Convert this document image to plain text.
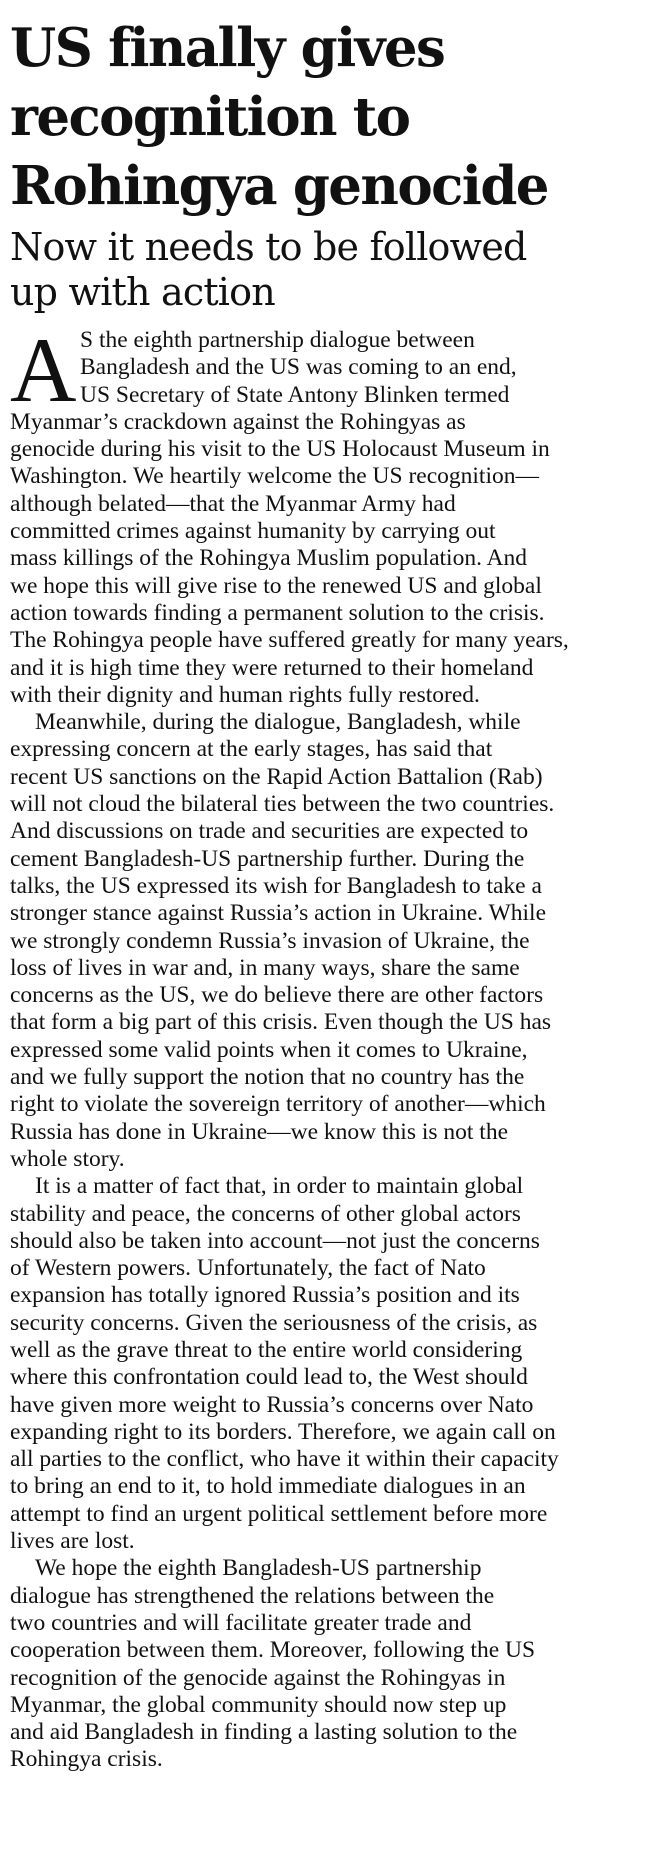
US finally gives
recognition to
Rohingya genocide
Now it needs to be followed
up with action
A S the eighth partnership dialogue between
Bangladesh and the US was coming to an end,
US Secretary of State Antony Blinken termed
Myanmar’s crackdown against the Rohingyas as
genocide during his visit to the US Holocaust Museum in
Washington. We heartily welcome the US recognition—
although belated—that the Myanmar Army had
committed crimes against humanity by carrying out
mass killings of the Rohingya Muslim population. And
we hope this will give rise to the renewed US and global
action towards finding a permanent solution to the crisis.
The Rohingya people have suffered greatly for many years,
and it is high time they were returned to their homeland
with their dignity and human rights fully restored.
Meanwhile, during the dialogue, Bangladesh, while
expressing concern at the early stages, has said that
recent US sanctions on the Rapid Action Battalion (Rab)
will not cloud the bilateral ties between the two countries.
And discussions on trade and securities are expected to
cement Bangladesh-US partnership further. During the
talks, the US expressed its wish for Bangladesh to take a
stronger stance against Russia’s action in Ukraine. While
we strongly condemn Russia’s invasion of Ukraine, the
loss of lives in war and, in many ways, share the same
concerns as the US, we do believe there are other factors
that form a big part of this crisis. Even though the US has
expressed some valid points when it comes to Ukraine,
and we fully support the notion that no country has the
right to violate the sovereign territory of another—which
Russia has done in Ukraine—we know this is not the
whole story.
It is a matter of fact that, in order to maintain global
stability and peace, the concerns of other global actors
should also be taken into account—not just the concerns
of Western powers. Unfortunately, the fact of Nato
expansion has totally ignored Russia’s position and its
security concerns. Given the seriousness of the crisis, as
well as the grave threat to the entire world considering
where this confrontation could lead to, the West should
have given more weight to Russia’s concerns over Nato
expanding right to its borders. Therefore, we again call on
all parties to the conflict, who have it within their capacity
to bring an end to it, to hold immediate dialogues in an
attempt to find an urgent political settlement before more
lives are lost.
We hope the eighth Bangladesh-US partnership
dialogue has strengthened the relations between the
two countries and will facilitate greater trade and
cooperation between them. Moreover, following the US
recognition of the genocide against the Rohingyas in
Myanmar, the global community should now step up
and aid Bangladesh in finding a lasting solution to the
Rohingya crisis.
